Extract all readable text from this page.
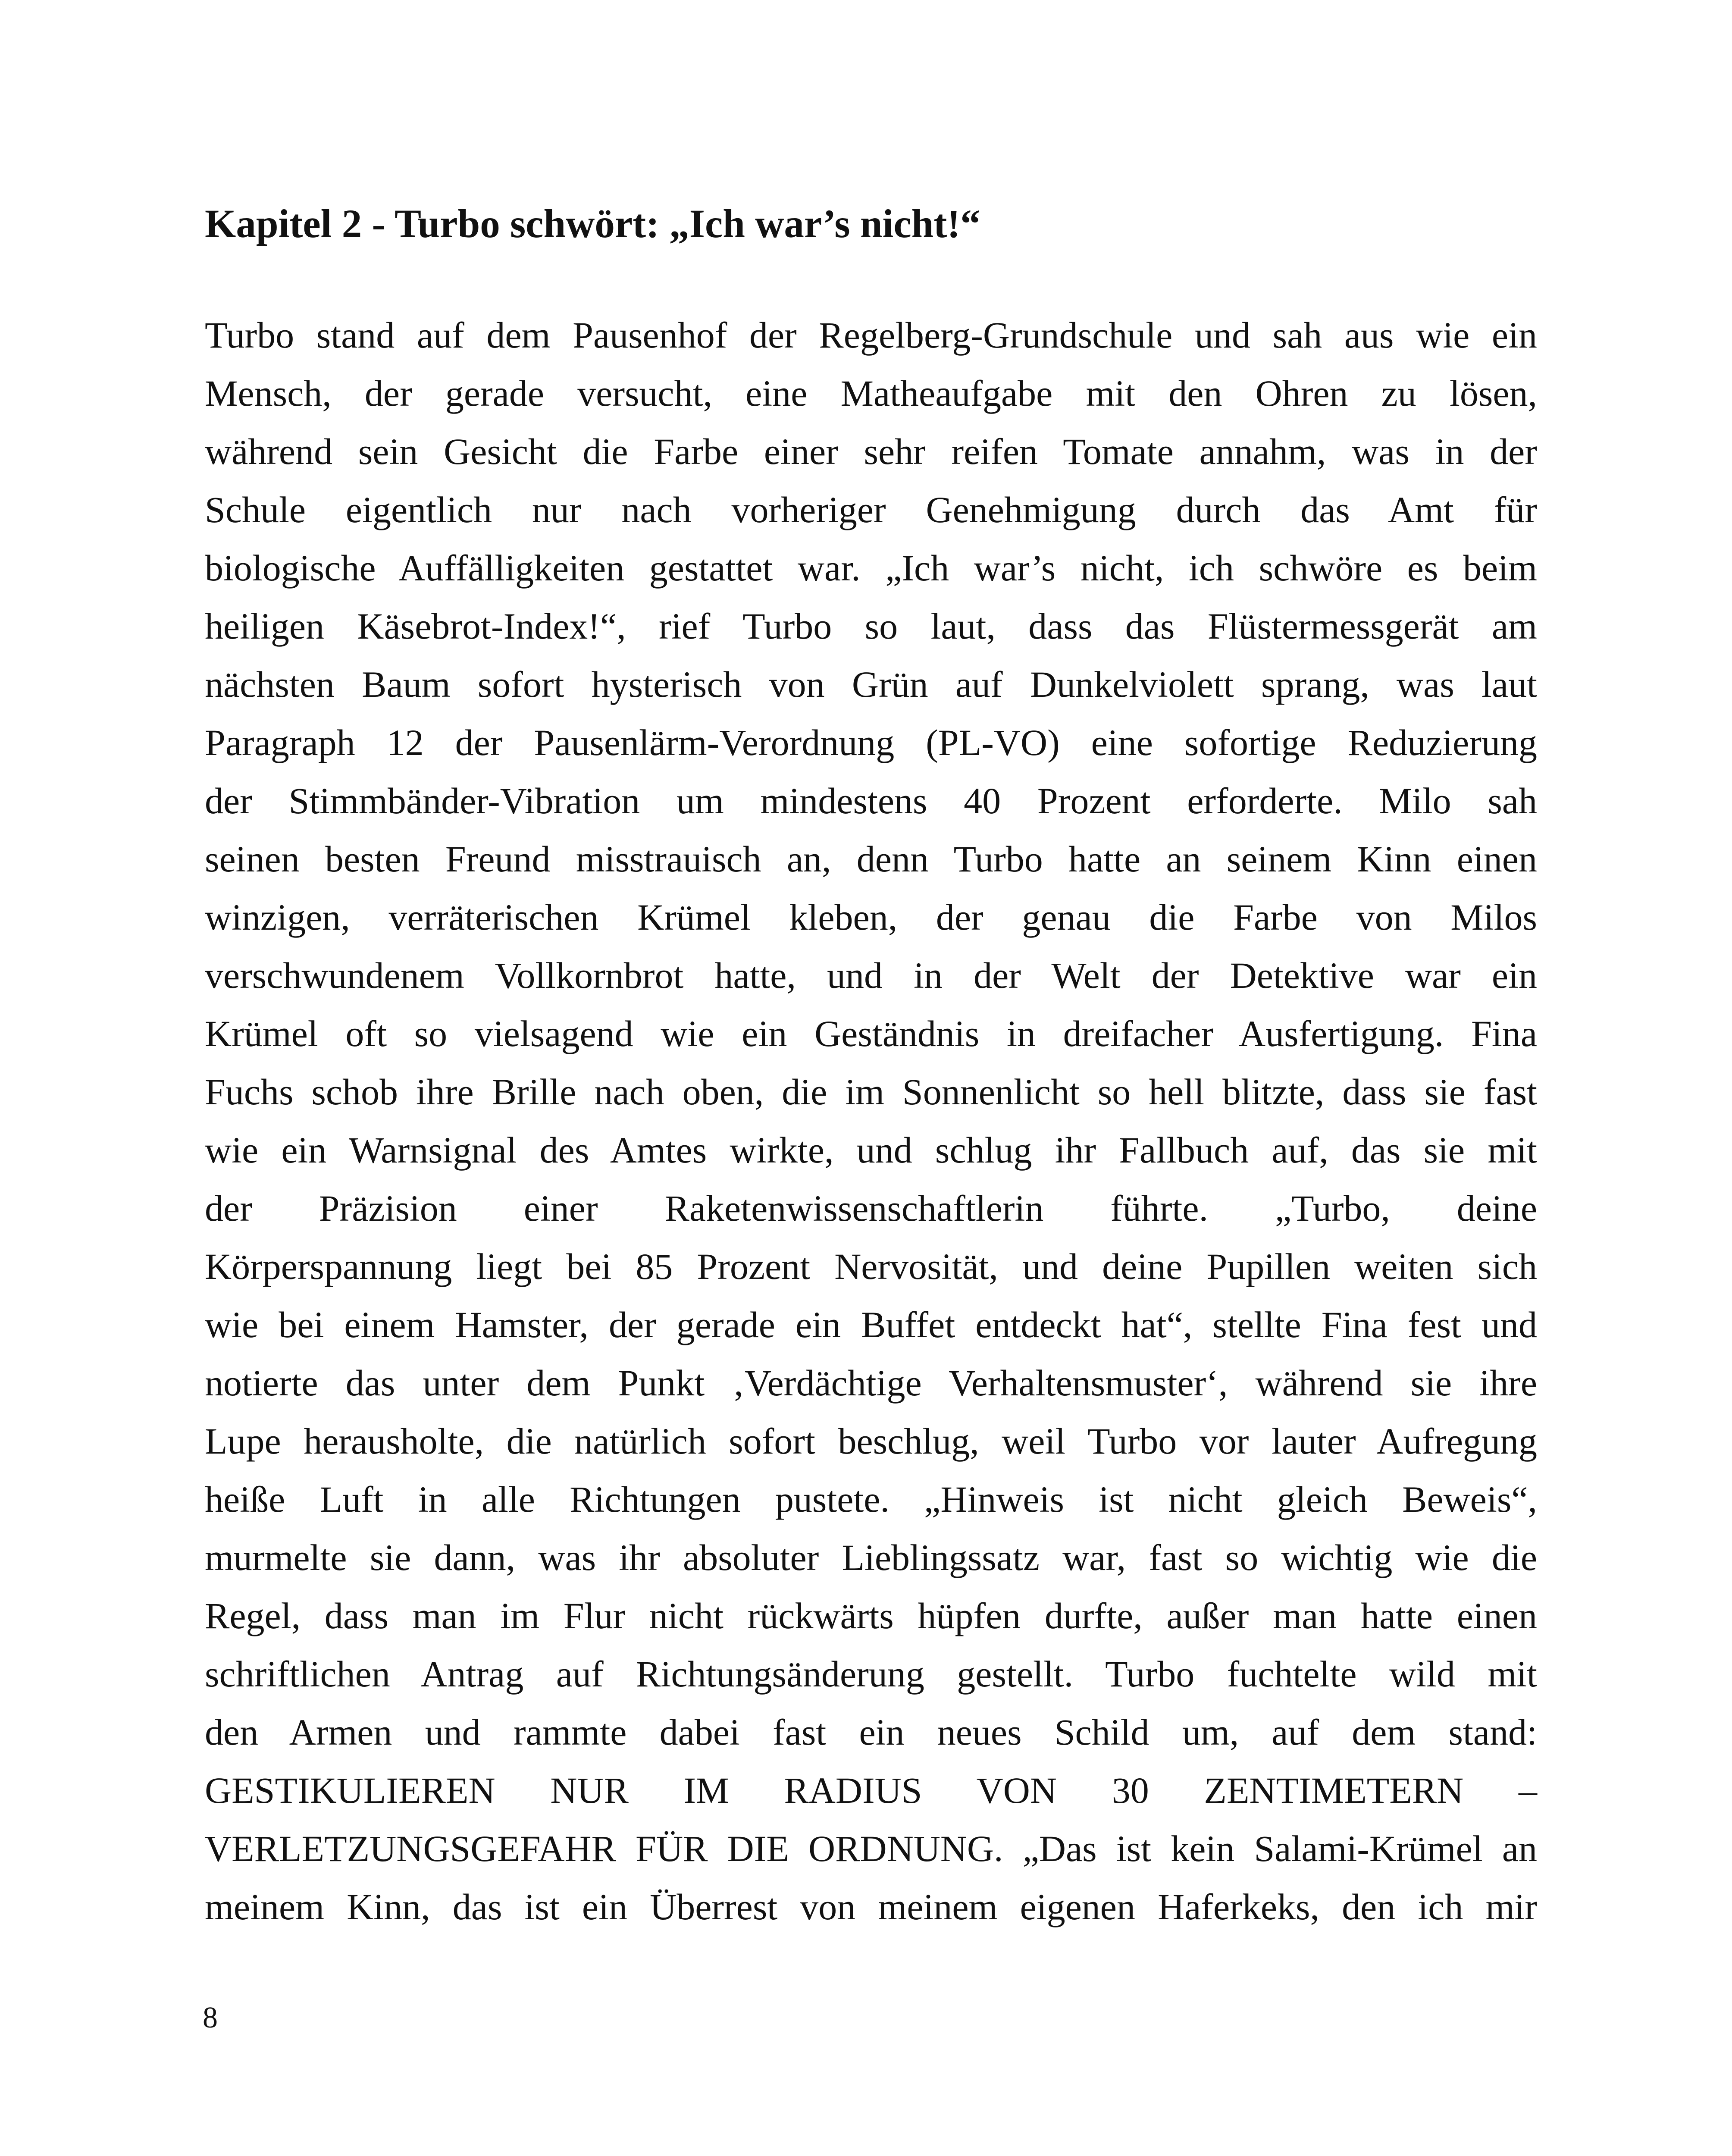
Kapitel 2 - Turbo schwört: „Ich war’s nicht!“
Turbo stand auf dem Pausenhof der Regelberg-Grundschule und sah aus wie ein
Mensch, der gerade versucht, eine Matheaufgabe mit den Ohren zu lösen,
während sein Gesicht die Farbe einer sehr reifen Tomate annahm, was in der
Schule eigentlich nur nach vorheriger Genehmigung durch das Amt für
biologische Auffälligkeiten gestattet war. „Ich war’s nicht, ich schwöre es beim
heiligen Käsebrot-Index!“, rief Turbo so laut, dass das Flüstermessgerät am
nächsten Baum sofort hysterisch von Grün auf Dunkelviolett sprang, was laut
Paragraph 12 der Pausenlärm-Verordnung (PL-VO) eine sofortige Reduzierung
der Stimmbänder-Vibration um mindestens 40 Prozent erforderte. Milo sah
seinen besten Freund misstrauisch an, denn Turbo hatte an seinem Kinn einen
winzigen, verräterischen Krümel kleben, der genau die Farbe von Milos
verschwundenem Vollkornbrot hatte, und in der Welt der Detektive war ein
Krümel oft so vielsagend wie ein Geständnis in dreifacher Ausfertigung. Fina
Fuchs schob ihre Brille nach oben, die im Sonnenlicht so hell blitzte, dass sie fast
wie ein Warnsignal des Amtes wirkte, und schlug ihr Fallbuch auf, das sie mit
der Präzision einer Raketenwissenschaftlerin führte. „Turbo, deine
Körperspannung liegt bei 85 Prozent Nervosität, und deine Pupillen weiten sich
wie bei einem Hamster, der gerade ein Buffet entdeckt hat“, stellte Fina fest und
notierte das unter dem Punkt ‚Verdächtige Verhaltensmuster‘, während sie ihre
Lupe herausholte, die natürlich sofort beschlug, weil Turbo vor lauter Aufregung
heiße Luft in alle Richtungen pustete. „Hinweis ist nicht gleich Beweis“,
murmelte sie dann, was ihr absoluter Lieblingssatz war, fast so wichtig wie die
Regel, dass man im Flur nicht rückwärts hüpfen durfte, außer man hatte einen
schriftlichen Antrag auf Richtungsänderung gestellt. Turbo fuchtelte wild mit
den Armen und rammte dabei fast ein neues Schild um, auf dem stand:
GESTIKULIEREN NUR IM RADIUS VON 30 ZENTIMETERN –
VERLETZUNGSGEFAHR FÜR DIE ORDNUNG. „Das ist kein Salami-Krümel an
meinem Kinn, das ist ein Überrest von meinem eigenen Haferkeks, den ich mir
8
